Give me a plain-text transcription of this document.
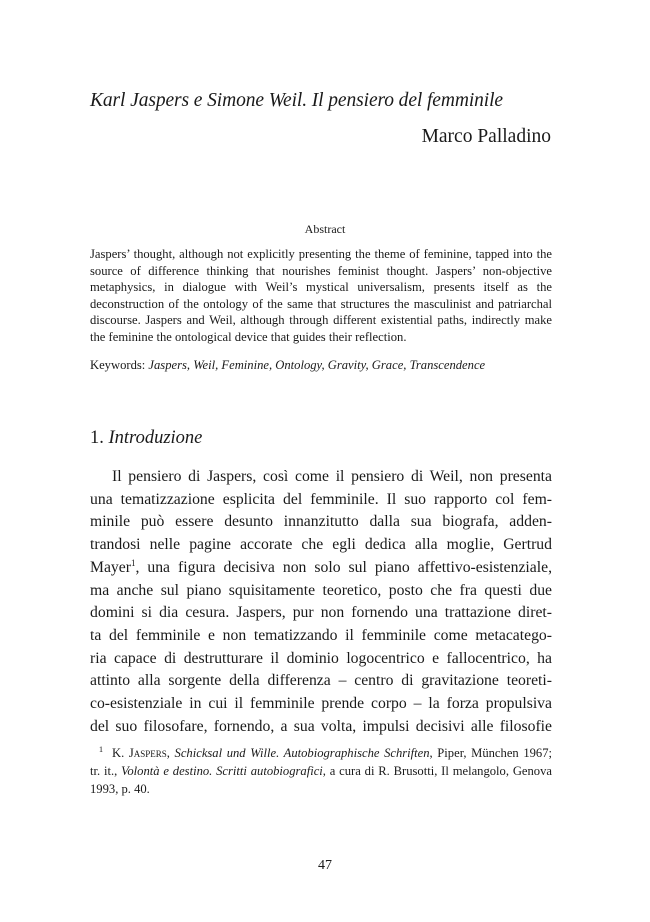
Karl Jaspers e Simone Weil. Il pensiero del femminile
Marco Palladino
Abstract

Jaspers’ thought, although not explicitly presenting the theme of feminine, tapped into the source of difference thinking that nourishes feminist thought. Jaspers’ non-objective metaphysics, in dialogue with Weil’s mystical universalism, presents itself as the deconstruction of the ontology of the same that structures the masculinist and patriarchal discourse. Jaspers and Weil, although through different existential paths, indirectly make the feminine the ontological device that guides their reflection.

Keywords: Jaspers, Weil, Feminine, Ontology, Gravity, Grace, Transcendence

1. Introduzione
Il pensiero di Jaspers, così come il pensiero di Weil, non presenta
una tematizzazione esplicita del femminile. Il suo rapporto col fem-
minile può essere desunto innanzitutto dalla sua biografa, adden-
trandosi nelle pagine accorate che egli dedica alla moglie, Gertrud
Mayer$^1$, una figura decisiva non solo sul piano affettivo-esistenziale,
ma anche sul piano squisitamente teoretico, posto che fra questi due
domini si dia cesura. Jaspers, pur non fornendo una trattazione diret-
ta del femminile e non tematizzando il femminile come metacatego-
ria capace di destrutturare il dominio logocentrico e fallocentrico, ha
attinto alla sorgente della differenza – centro di gravitazione teoreti-
co-esistenziale in cui il femminile prende corpo – la forza propulsiva
del suo filosofare, fornendo, a sua volta, impulsi decisivi alle filosofie

1 K. Jaspers, Schicksal und Wille. Autobiographische Schriften, Piper, München 1967; tr. it., Volontà e destino. Scritti autobiografici, a cura di R. Brusotti, Il melangolo, Genova 1993, p. 40.

47
